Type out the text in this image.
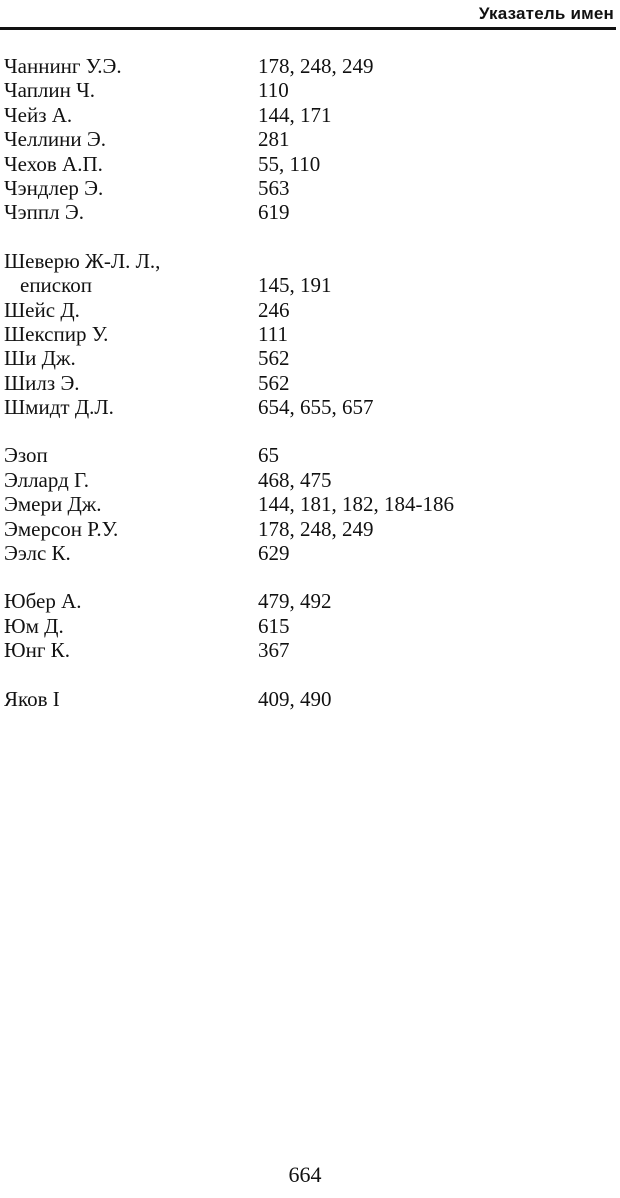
Указатель имен
Чаннинг У.Э.	178, 248, 249
Чаплин Ч.	110
Чейз А.	144, 171
Челлини Э.	281
Чехов А.П.	55, 110
Чэндлер Э.	563
Чэппл Э.	619
Шеверю Ж-Л. Л.,
епископ	145, 191
Шейс Д.	246
Шекспир У.	111
Ши Дж.	562
Шилз Э.	562
Шмидт Д.Л.	654, 655, 657
Эзоп	65
Эллард Г.	468, 475
Эмери Дж.	144, 181, 182, 184-186
Эмерсон Р.У.	178, 248, 249
Ээлс К.	629
Юбер А.	479, 492
Юм Д.	615
Юнг К.	367
Яков I	409, 490
664
